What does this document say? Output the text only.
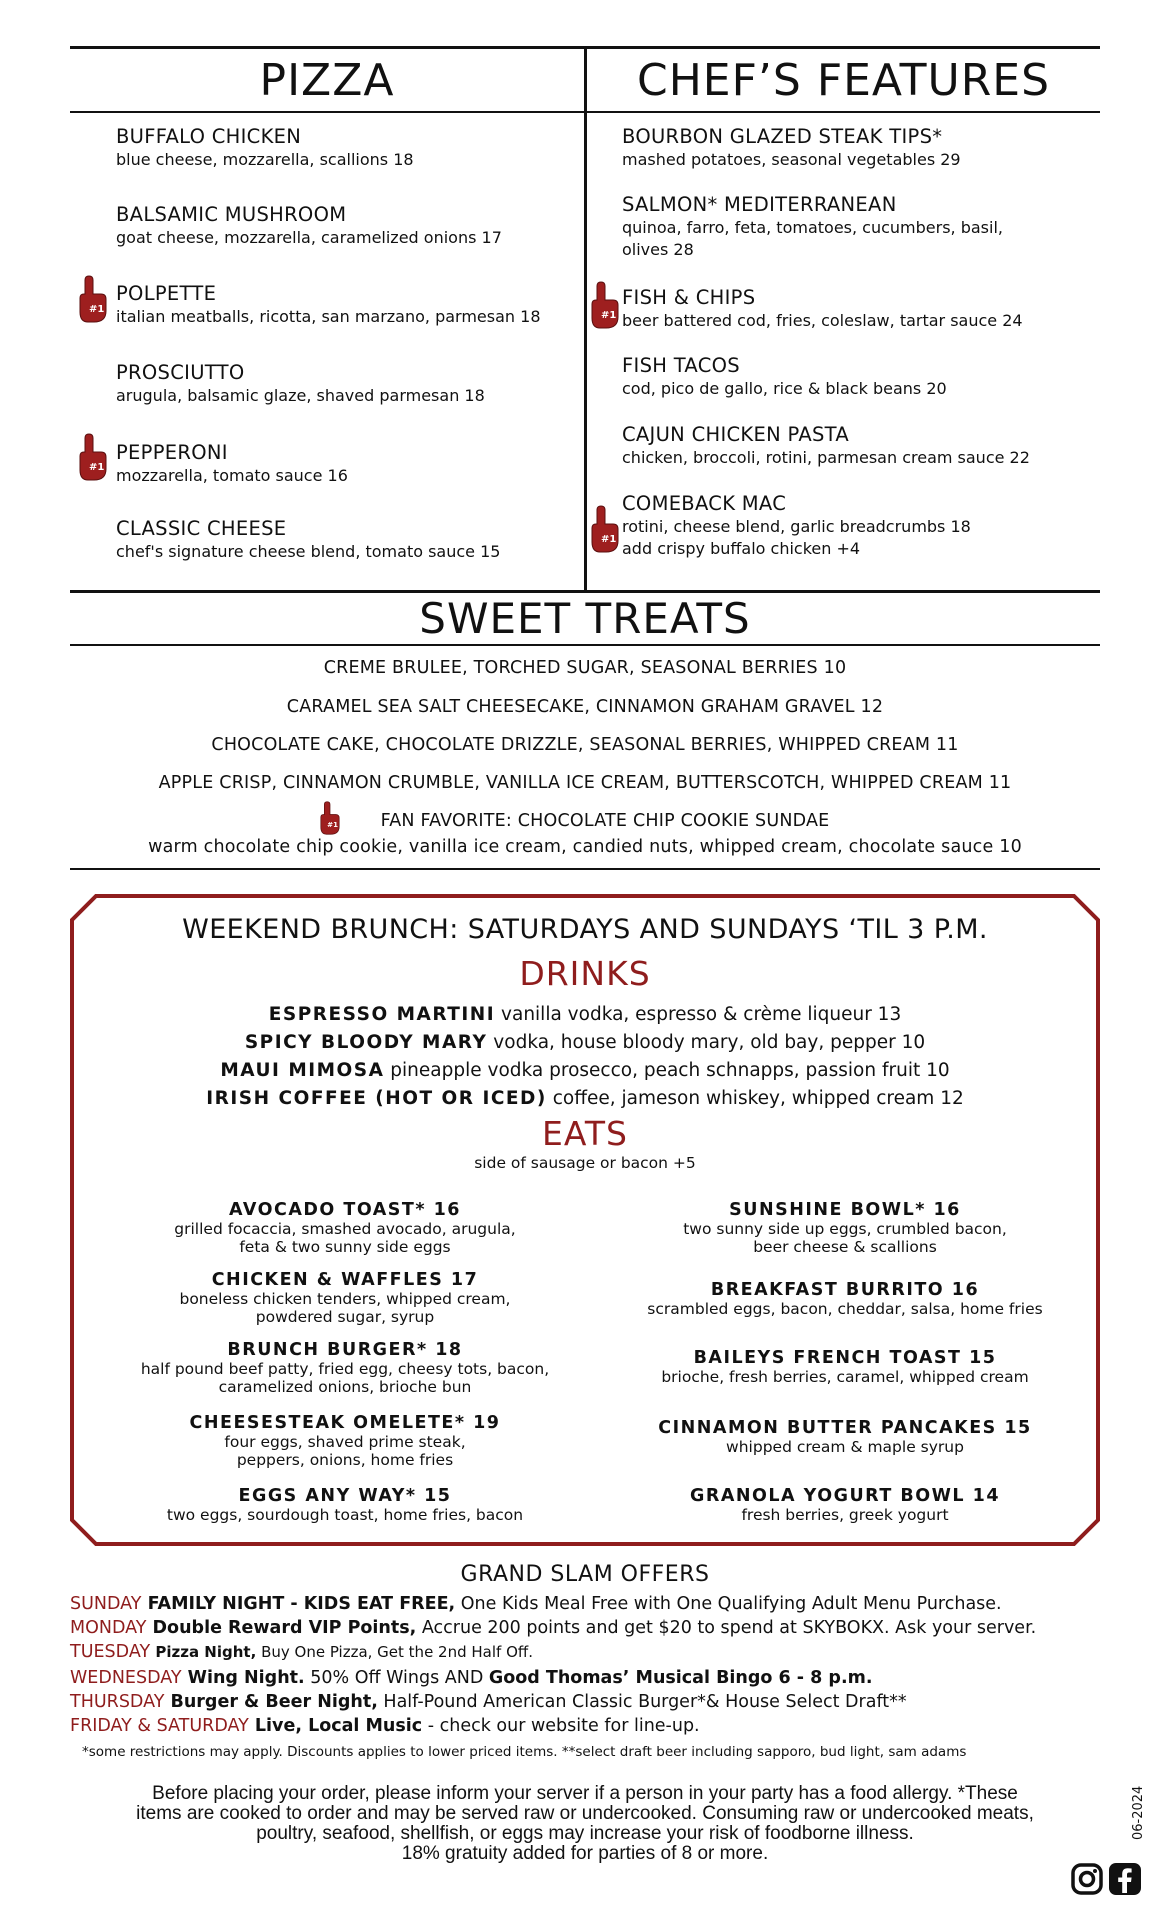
PIZZA
BUFFALO CHICKEN
blue cheese, mozzarella, scallions 18
BALSAMIC MUSHROOM
goat cheese, mozzarella, caramelized onions 17
POLPETTE
italian meatballs, ricotta, san marzano, parmesan 18
PROSCIUTTO
arugula, balsamic glaze, shaved parmesan 18
PEPPERONI
mozzarella, tomato sauce 16
CLASSIC CHEESE
chef's signature cheese blend, tomato sauce 15
CHEF’S FEATURES
BOURBON GLAZED STEAK TIPS*
mashed potatoes, seasonal vegetables 29
SALMON* MEDITERRANEAN
quinoa, farro, feta, tomatoes, cucumbers, basil,
olives 28
FISH & CHIPS
beer battered cod, fries, coleslaw, tartar sauce 24
FISH TACOS
cod, pico de gallo, rice & black beans 20
CAJUN CHICKEN PASTA
chicken, broccoli, rotini, parmesan cream sauce 22
COMEBACK MAC
rotini, cheese blend, garlic breadcrumbs 18
add crispy buffalo chicken +4
#1
#1
#1
#1
SWEET TREATS
CREME BRULEE, TORCHED SUGAR, SEASONAL BERRIES 10
CARAMEL SEA SALT CHEESECAKE, CINNAMON GRAHAM GRAVEL 12
CHOCOLATE CAKE, CHOCOLATE DRIZZLE, SEASONAL BERRIES, WHIPPED CREAM 11
APPLE CRISP, CINNAMON CRUMBLE, VANILLA ICE CREAM, BUTTERSCOTCH, WHIPPED CREAM 11
#1	FAN FAVORITE: CHOCOLATE CHIP COOKIE SUNDAE
warm chocolate chip cookie, vanilla ice cream, candied nuts, whipped cream, chocolate sauce 10
WEEKEND BRUNCH: SATURDAYS AND SUNDAYS ‘TIL 3 P.M.
DRINKS
ESPRESSO MARTINI vanilla vodka, espresso & crème liqueur 13
SPICY BLOODY MARY vodka, house bloody mary, old bay, pepper 10
MAUI MIMOSA pineapple vodka prosecco, peach schnapps, passion fruit 10
IRISH COFFEE (HOT OR ICED) coffee, jameson whiskey, whipped cream 12
EATS
side of sausage or bacon +5
AVOCADO TOAST* 16
grilled focaccia, smashed avocado, arugula,
feta & two sunny side eggs
CHICKEN & WAFFLES 17
boneless chicken tenders, whipped cream,
powdered sugar, syrup
BRUNCH BURGER* 18
half pound beef patty, fried egg, cheesy tots, bacon,
caramelized onions, brioche bun
CHEESESTEAK OMELETE* 19
four eggs, shaved prime steak,
peppers, onions, home fries
EGGS ANY WAY* 15
two eggs, sourdough toast, home fries, bacon
SUNSHINE BOWL* 16
two sunny side up eggs, crumbled bacon,
beer cheese & scallions
BREAKFAST BURRITO 16
scrambled eggs, bacon, cheddar, salsa, home fries
BAILEYS FRENCH TOAST 15
brioche, fresh berries, caramel, whipped cream
CINNAMON BUTTER PANCAKES 15
whipped cream & maple syrup
GRANOLA YOGURT BOWL 14
fresh berries, greek yogurt
GRAND SLAM OFFERS
SUNDAY FAMILY NIGHT - KIDS EAT FREE, One Kids Meal Free with One Qualifying Adult Menu Purchase.
MONDAY Double Reward VIP Points, Accrue 200 points and get $20 to spend at SKYBOKX. Ask your server.
TUESDAY Pizza Night, Buy One Pizza, Get the 2nd Half Off.
WEDNESDAY Wing Night. 50% Off Wings AND Good Thomas’ Musical Bingo 6 - 8 p.m.
THURSDAY Burger & Beer Night, Half-Pound American Classic Burger*& House Select Draft**
FRIDAY & SATURDAY Live, Local Music - check our website for line-up.
*some restrictions may apply. Discounts applies to lower priced items. **select draft beer including sapporo, bud light, sam adams
Before placing your order, please inform your server if a person in your party has a food allergy. *These
items are cooked to order and may be served raw or undercooked. Consuming raw or undercooked meats,
poultry, seafood, shellfish, or eggs may increase your risk of foodborne illness.
18% gratuity added for parties of 8 or more.
06-2024
